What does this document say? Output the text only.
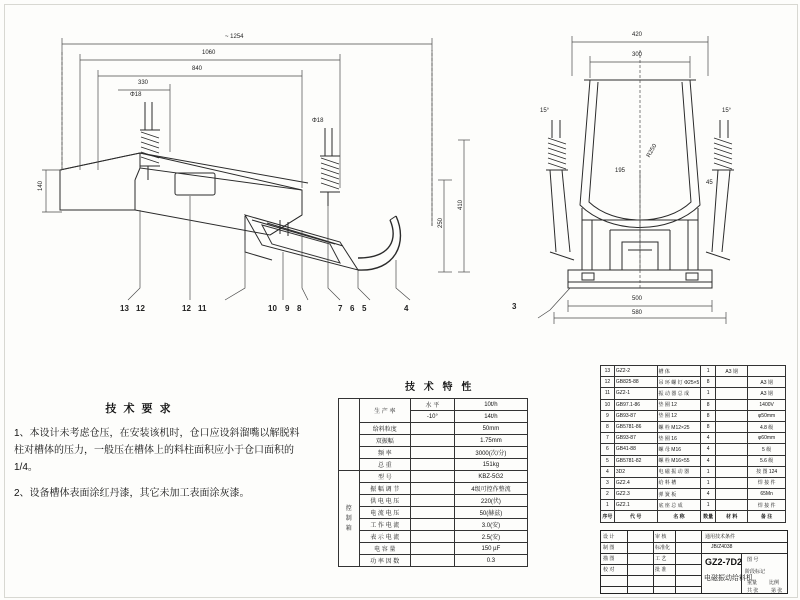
~ 1254
1060
840
330
140
250
410
Φ18
Φ18
13 12	12 11	10 9 8	7 6 5	4
420
300
500
580
195
R250
15°	15°
45
3
技 术 要 求

1、本设计未考虑仓压，在安装该机时，仓口应设斜溜嘴以解脱料柱对槽体的压力，一般压在槽体上的料柱面积应小于仓口面积的1/4。

2、设备槽体表面涂红丹漆，其它未加工表面涂灰漆。

技 术 特 性
	生 产 率	水 平	10t/h
		-10°	14t/h
	给料粒度		50mm
	双振幅		1.75mm
	频 率		3000(次/分)
	总 重		151kg
控
制
箱	型 号		KBZ-5G2
	振 幅 调 节		4级可控作整流
	供 电 电 压		220(伏)
	电 流 电 压		50(赫兹)
	工 作 电 流		3.0(安)
	表 示 电 流		2.5(安)
	电 容 量		150 µF
	功 率 因 数		0.3
13	GZ2-2	槽 体	1	A3 钢	
12	GB825-88	吊 环 螺 钉 Φ25×5	8		A3 钢
11	GZ2-1	振 动 器 总 成	1		A3 钢
10	GB97.1-86	垫 圈 12	8		1400V
9	GB93-87	垫 圈 12	8		φ50mm
8	GB5781-86	螺 栓 M12×25	8		4.8 级
7	GB93-87	垫 圈 16	4		φ60mm
6	GB41-88	螺 母 M16	4		5 级
5	GB5781-82	螺 栓 M16×55	4		5.6 级
4	3D2	电 磁 振 动 器	1		按 图 124
3	GZ2.4	给 料 槽	1		焊 接 件
2	GZ2.3	弹 簧 板	4		65Mn
1	GZ2.1	底 座 总 成	1		焊 接 件
序号	代 号	名 称	数量	材 料	备 注
通用技术条件
JB/Z4038
GZ2-7D2
电磁振动给料机
图 号
阶段标记
重量 比例
共 张	第 张
设 计
制 图
描 图
校 对
审 核
标准化
工 艺
批 准
